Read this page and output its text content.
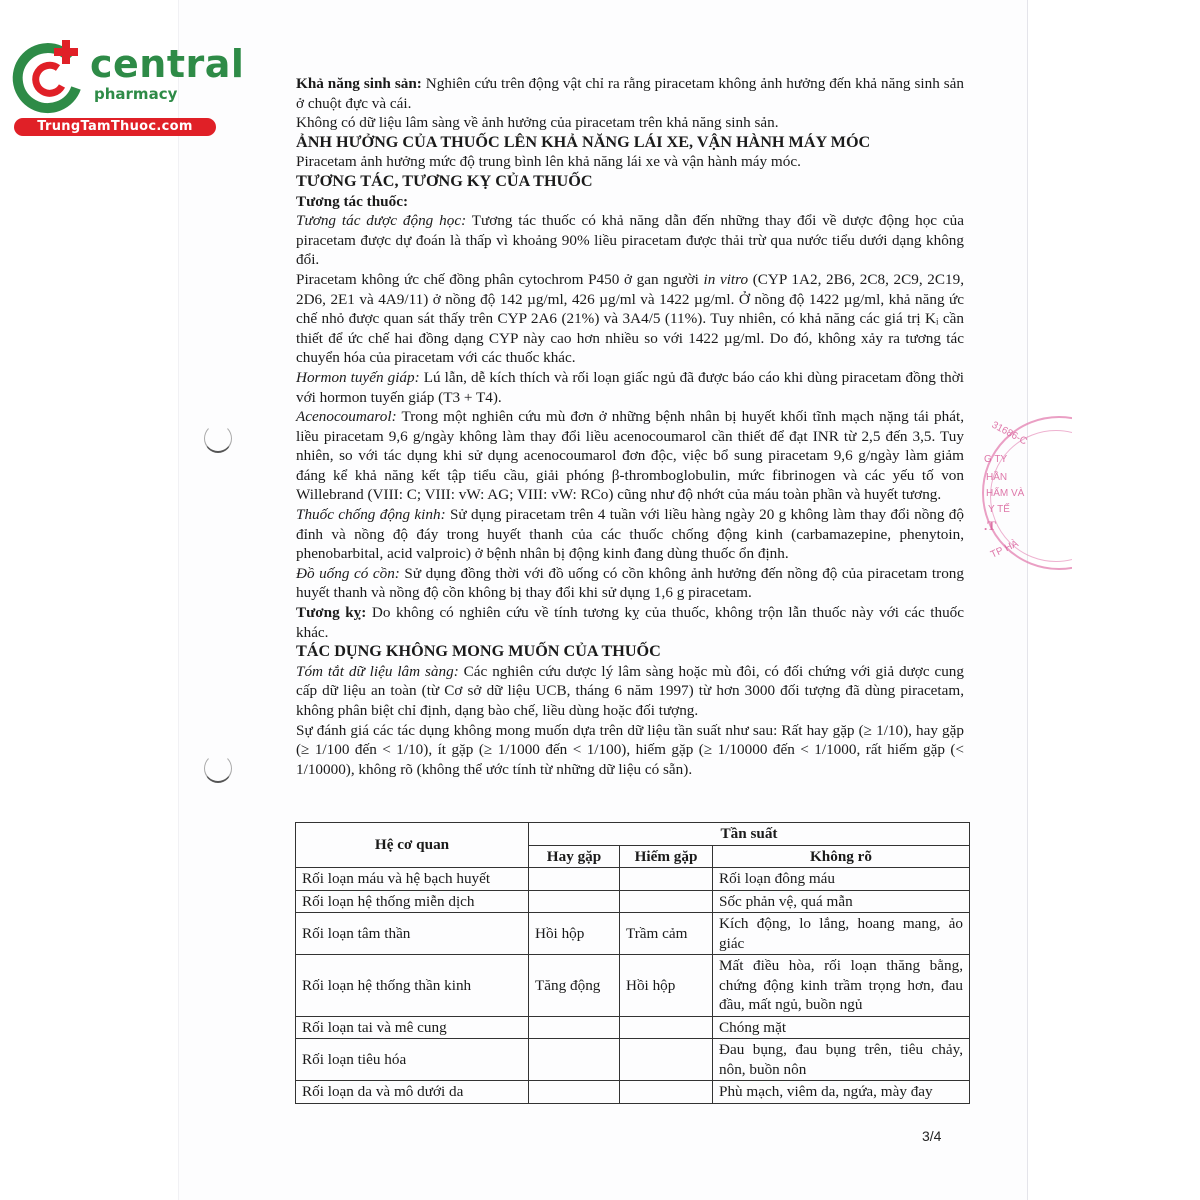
central
pharmacy
TrungTamThuoc.com

Khả năng sinh sản: Nghiên cứu trên động vật chỉ ra rằng piracetam không ảnh hưởng đến khả năng sinh sản ở chuột đực và cái.

Không có dữ liệu lâm sàng về ảnh hưởng của piracetam trên khả năng sinh sản.

ẢNH HƯỞNG CỦA THUỐC LÊN KHẢ NĂNG LÁI XE, VẬN HÀNH MÁY MÓC

Piracetam ảnh hưởng mức độ trung bình lên khả năng lái xe và vận hành máy móc.

TƯƠNG TÁC, TƯƠNG KỴ CỦA THUỐC

Tương tác thuốc:

Tương tác dược động học: Tương tác thuốc có khả năng dẫn đến những thay đổi về dược động học của piracetam được dự đoán là thấp vì khoảng 90% liều piracetam được thải trừ qua nước tiểu dưới dạng không đổi.

Piracetam không ức chế đồng phân cytochrom P450 ở gan người in vitro (CYP 1A2, 2B6, 2C8, 2C9, 2C19, 2D6, 2E1 và 4A9/11) ở nồng độ 142 µg/ml, 426 µg/ml và 1422 µg/ml. Ở nồng độ 1422 µg/ml, khả năng ức chế nhỏ được quan sát thấy trên CYP 2A6 (21%) và 3A4/5 (11%). Tuy nhiên, có khả năng các giá trị Kᵢ cần thiết để ức chế hai đồng dạng CYP này cao hơn nhiều so với 1422 µg/ml. Do đó, không xảy ra tương tác chuyển hóa của piracetam với các thuốc khác.

Hormon tuyến giáp: Lú lẫn, dễ kích thích và rối loạn giấc ngủ đã được báo cáo khi dùng piracetam đồng thời với hormon tuyến giáp (T3 + T4).

Acenocoumarol: Trong một nghiên cứu mù đơn ở những bệnh nhân bị huyết khối tĩnh mạch nặng tái phát, liều piracetam 9,6 g/ngày không làm thay đổi liều acenocoumarol cần thiết để đạt INR từ 2,5 đến 3,5. Tuy nhiên, so với tác dụng khi sử dụng acenocoumarol đơn độc, việc bổ sung piracetam 9,6 g/ngày làm giảm đáng kể khả năng kết tập tiểu cầu, giải phóng β-thromboglobulin, mức fibrinogen và các yếu tố von Willebrand (VIII: C; VIII: vW: AG; VIII: vW: RCo) cũng như độ nhớt của máu toàn phần và huyết tương.

Thuốc chống động kinh: Sử dụng piracetam trên 4 tuần với liều hàng ngày 20 g không làm thay đổi nồng độ đỉnh và nồng độ đáy trong huyết thanh của các thuốc chống động kinh (carbamazepine, phenytoin, phenobarbital, acid valproic) ở bệnh nhân bị động kinh đang dùng thuốc ổn định.

Đồ uống có cồn: Sử dụng đồng thời với đồ uống có cồn không ảnh hưởng đến nồng độ của piracetam trong huyết thanh và nồng độ cồn không bị thay đổi khi sử dụng 1,6 g piracetam.

Tương kỵ: Do không có nghiên cứu về tính tương kỵ của thuốc, không trộn lẫn thuốc này với các thuốc khác.

TÁC DỤNG KHÔNG MONG MUỐN CỦA THUỐC

Tóm tắt dữ liệu lâm sàng: Các nghiên cứu dược lý lâm sàng hoặc mù đôi, có đối chứng với giả dược cung cấp dữ liệu an toàn (từ Cơ sở dữ liệu UCB, tháng 6 năm 1997) từ hơn 3000 đối tượng đã dùng piracetam, không phân biệt chỉ định, dạng bào chế, liều dùng hoặc đối tượng.

Sự đánh giá các tác dụng không mong muốn dựa trên dữ liệu tần suất như sau: Rất hay gặp (≥ 1/10), hay gặp (≥ 1/100 đến < 1/10), ít gặp (≥ 1/1000 đến < 1/100), hiếm gặp (≥ 1/10000 đến < 1/1000, rất hiếm gặp (< 1/10000), không rõ (không thể ước tính từ những dữ liệu có sẵn).

Hệ cơ quan	Tần suất		
	Hay gặp	Hiếm gặp	Không rõ
Rối loạn máu và hệ bạch huyết			Rối loạn đông máu
Rối loạn hệ thống miễn dịch			Sốc phản vệ, quá mẫn
Rối loạn tâm thần	Hồi hộp	Trầm cảm	Kích động, lo lắng, hoang mang, ảo giác
Rối loạn hệ thống thần kinh	Tăng động	Hồi hộp	Mất điều hòa, rối loạn thăng bằng, chứng động kinh trầm trọng hơn, đau đầu, mất ngủ, buồn ngủ
Rối loạn tai và mê cung			Chóng mặt
Rối loạn tiêu hóa			Đau bụng, đau bụng trên, tiêu chảy, nôn, buồn nôn
Rối loạn da và mô dưới da			Phù mạch, viêm da, ngứa, mày đay
31686-C
G TY
HẦN
HẨM VÀ
Y TẾ
.T
TP HÀ
3/4
